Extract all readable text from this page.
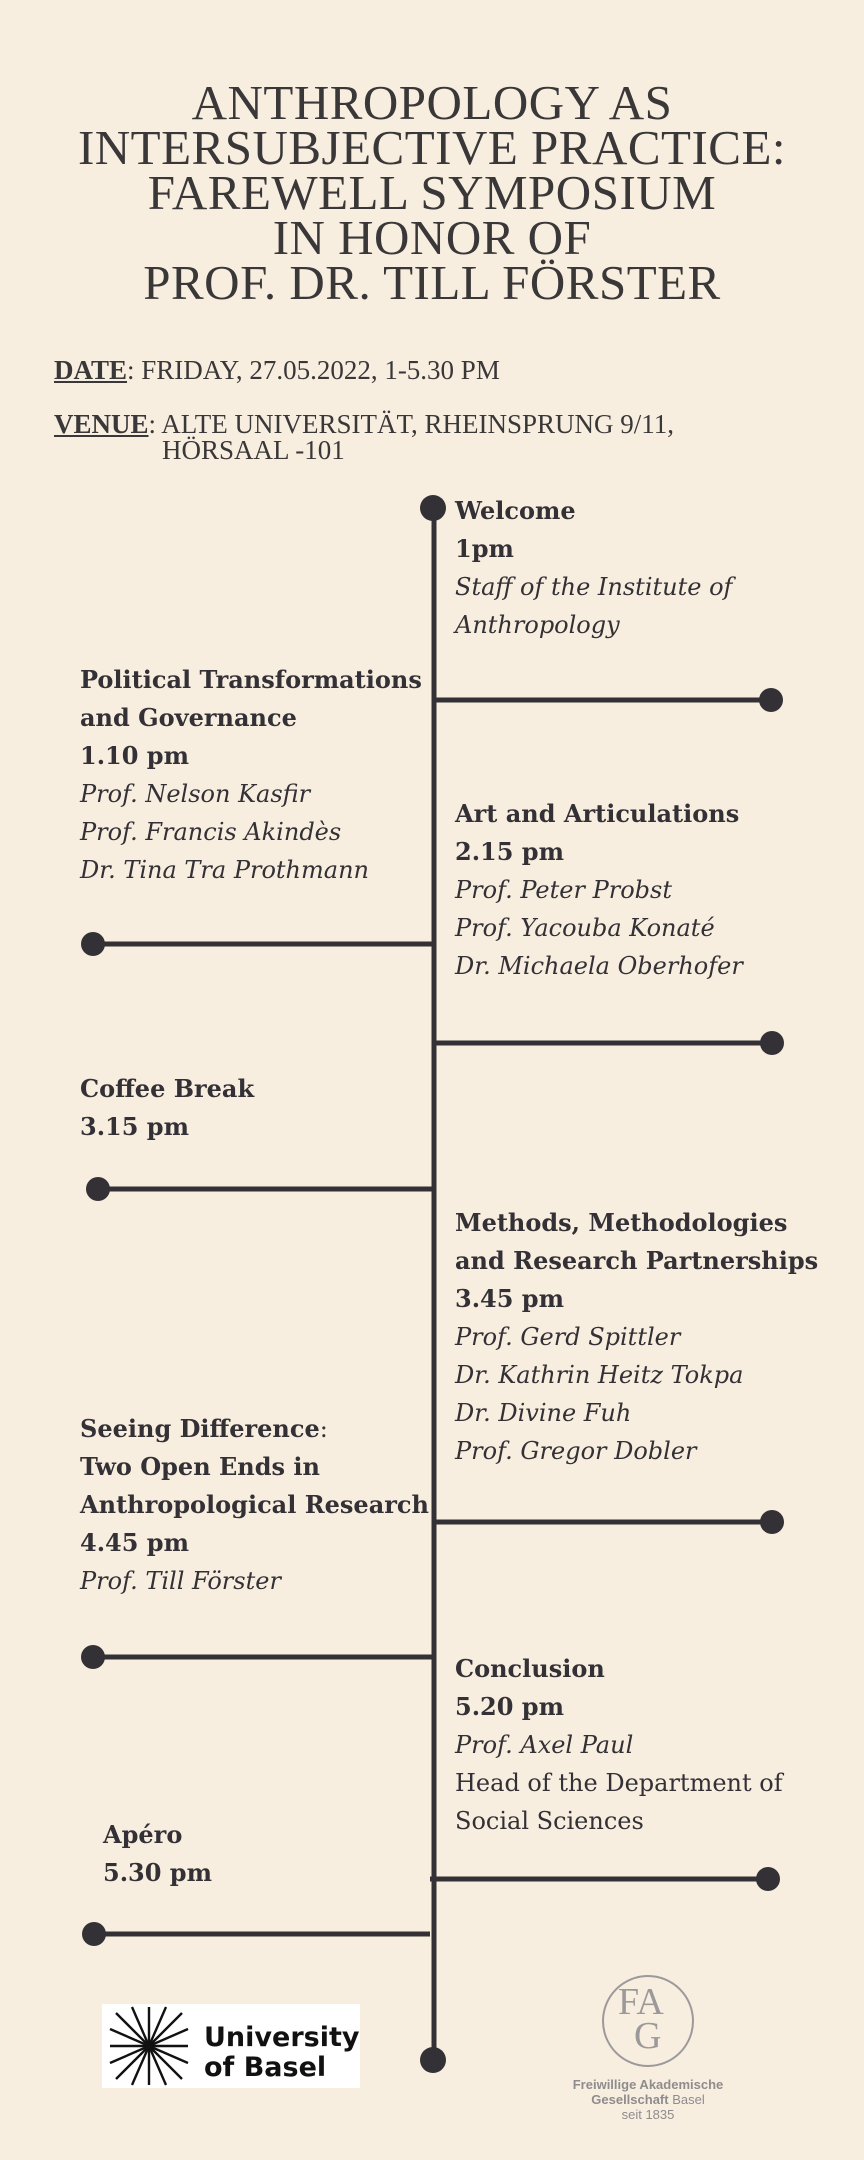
ANTHROPOLOGY AS
INTERSUBJECTIVE PRACTICE:
FAREWELL SYMPOSIUM
IN HONOR OF
PROF. DR. TILL FÖRSTER
DATE: FRIDAY, 27.05.2022, 1-5.30 PM
VENUE: ALTE UNIVERSITÄT, RHEINSPRUNG 9/11,
HÖRSAAL -101
Welcome
1pm
Staff of the Institute of
Anthropology
Political Transformations
and Governance
1.10 pm
Prof. Nelson Kasfir
Prof. Francis Akindès
Dr. Tina Tra Prothmann
Art and Articulations
2.15 pm
Prof. Peter Probst
Prof. Yacouba Konaté
Dr. Michaela Oberhofer
Coffee Break
3.15 pm
Methods, Methodologies
and Research Partnerships
3.45 pm
Prof. Gerd Spittler
Dr. Kathrin Heitz Tokpa
Dr. Divine Fuh
Prof. Gregor Dobler
Seeing Difference:
Two Open Ends in
Anthropological Research
4.45 pm
Prof. Till Förster
Conclusion
5.20 pm
Prof. Axel Paul
Head of the Department of
Social Sciences
Apéro
5.30 pm
University
of Basel
FA
G
Freiwillige Akademische
Gesellschaft Basel
seit 1835
